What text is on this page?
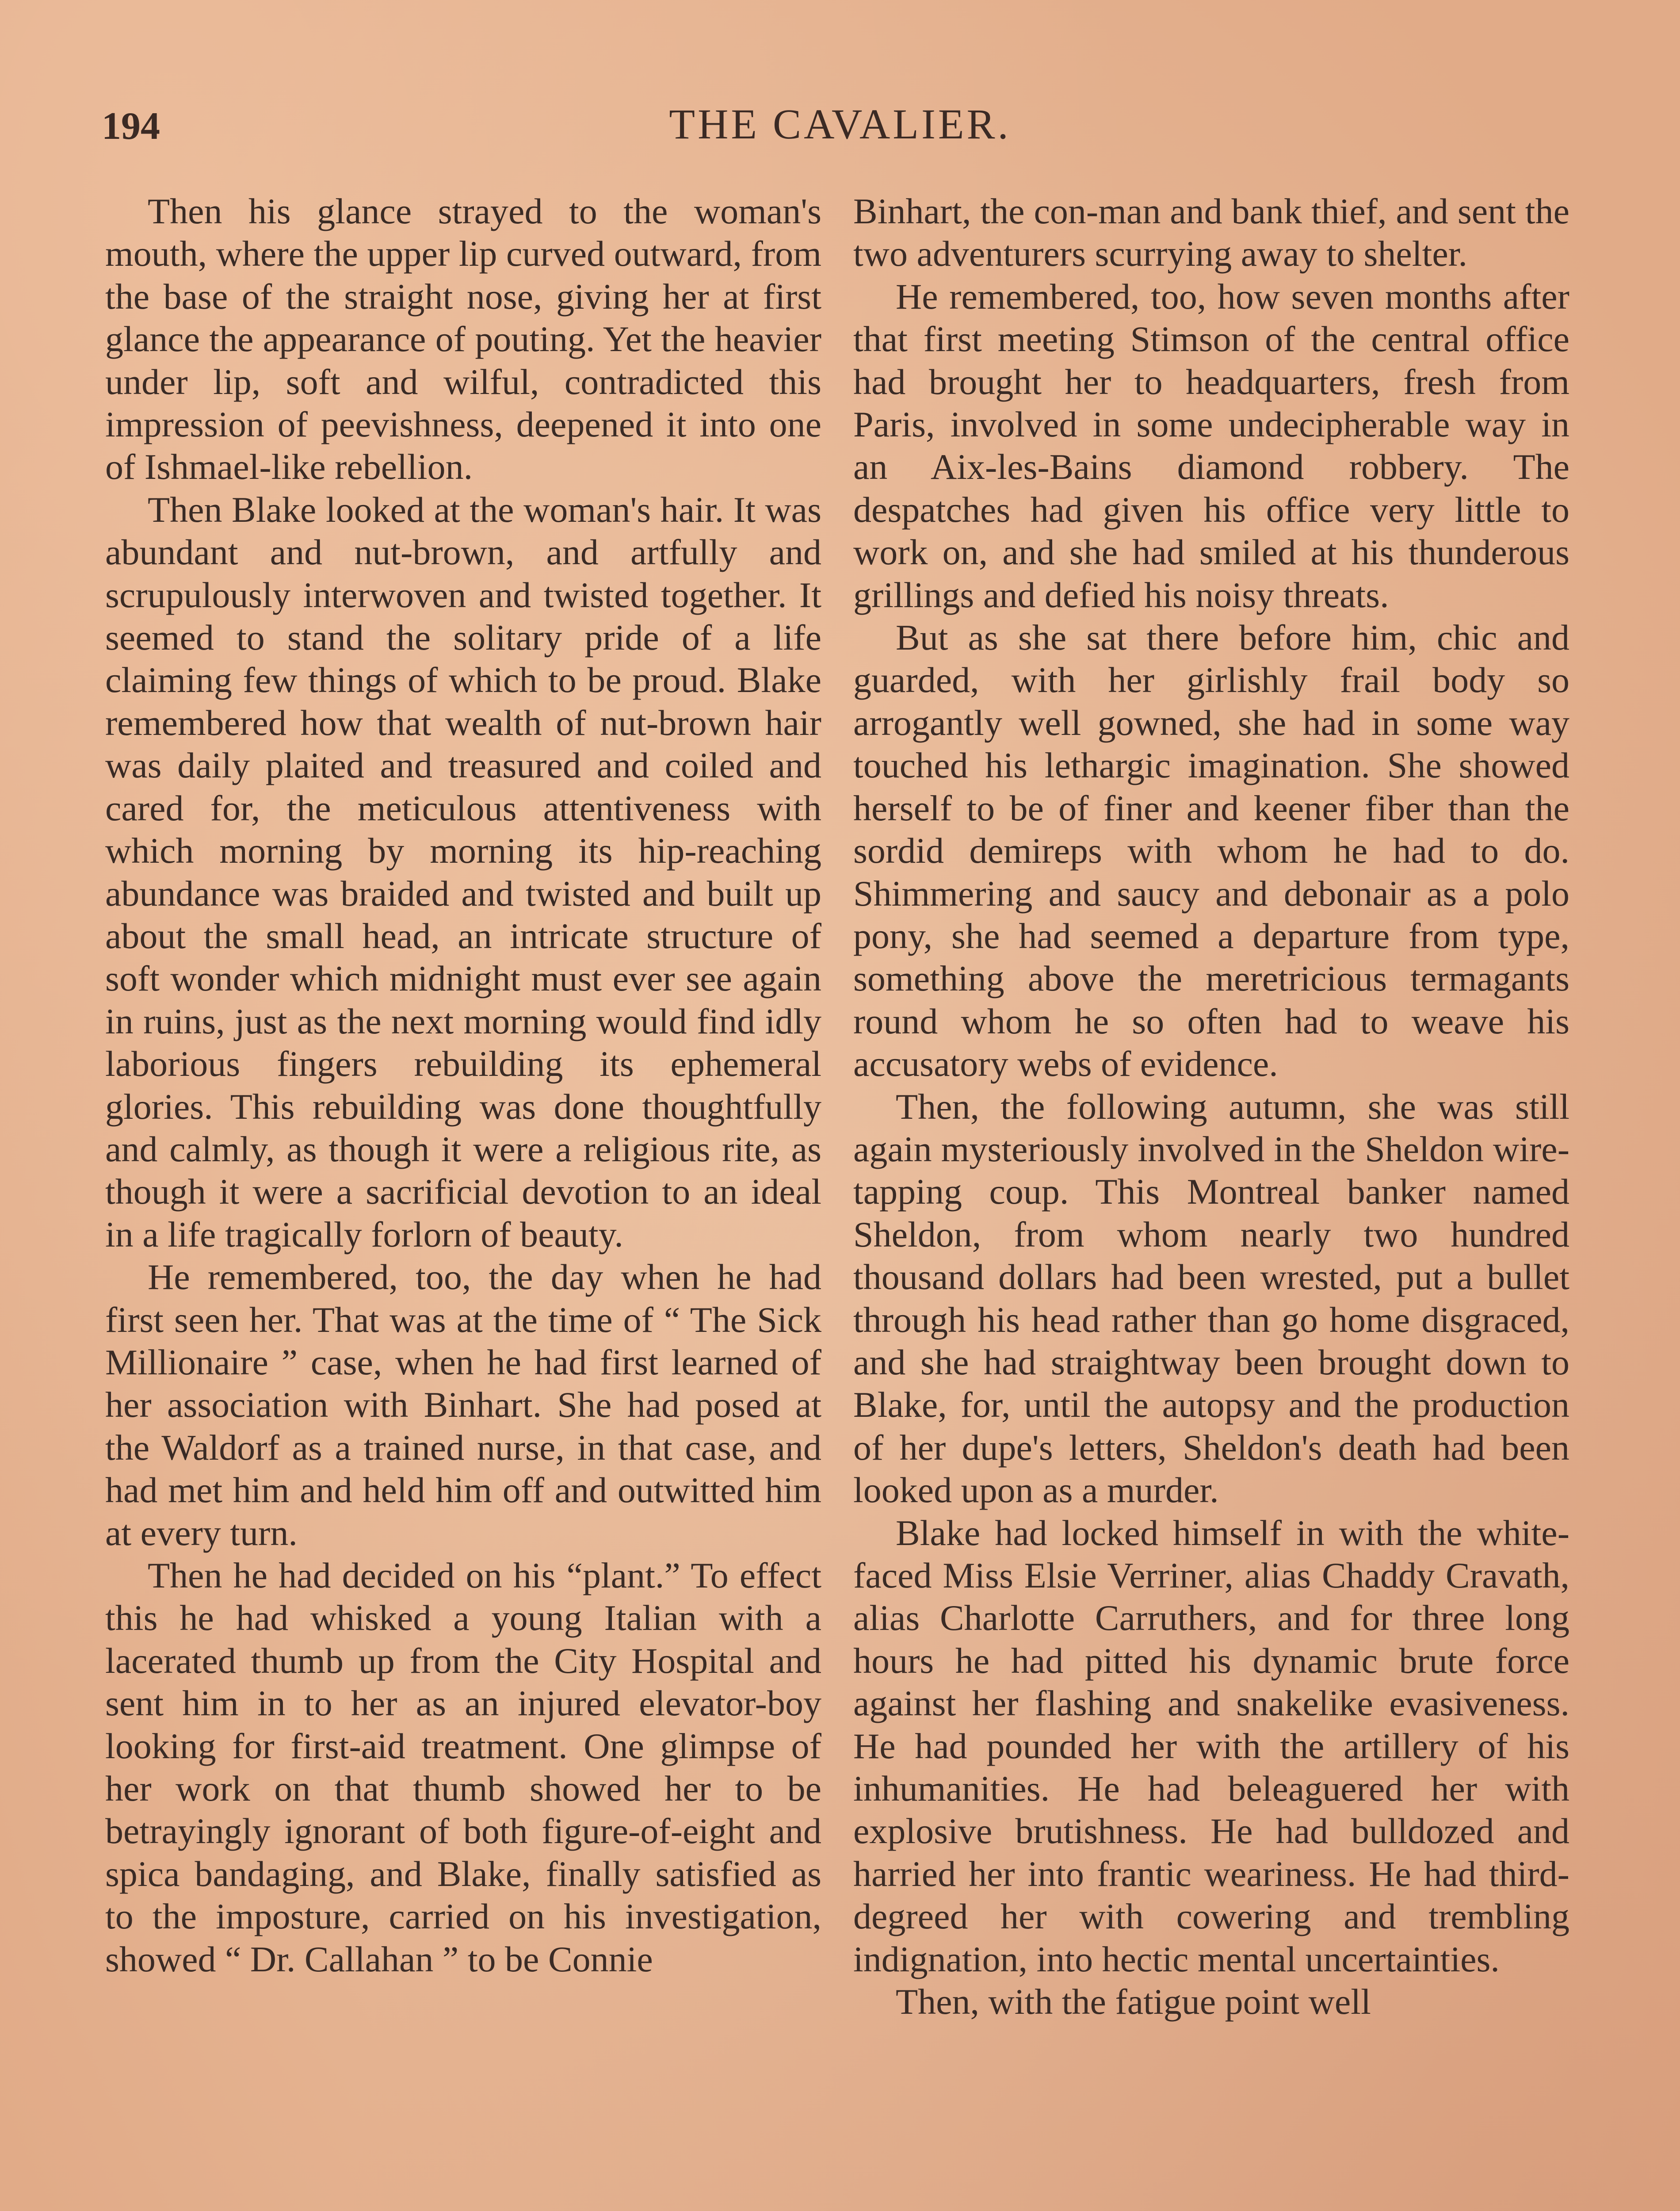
194	THE CAVALIER.

Then his glance strayed to the woman's mouth, where the upper lip curved outward, from the base of the straight nose, giving her at first glance the appearance of pouting. Yet the heavier under lip, soft and wilful, contradicted this impression of peevishness, deepened it into one of Ishmael-like rebellion.

Then Blake looked at the woman's hair. It was abundant and nut-brown, and artfully and scrupulously interwoven and twisted together. It seemed to stand the solitary pride of a life claiming few things of which to be proud. Blake remembered how that wealth of nut-brown hair was daily plaited and treasured and coiled and cared for, the meticulous attentiveness with which morning by morning its hip-reaching abundance was braided and twisted and built up about the small head, an intricate structure of soft wonder which midnight must ever see again in ruins, just as the next morning would find idly laborious fingers rebuilding its ephemeral glories. This rebuilding was done thoughtfully and calmly, as though it were a religious rite, as though it were a sacrificial devotion to an ideal in a life tragically forlorn of beauty.

He remembered, too, the day when he had first seen her. That was at the time of “ The Sick Millionaire ” case, when he had first learned of her association with Binhart. She had posed at the Waldorf as a trained nurse, in that case, and had met him and held him off and outwitted him at every turn.

Then he had decided on his “plant.” To effect this he had whisked a young Italian with a lacerated thumb up from the City Hospital and sent him in to her as an injured elevator-boy looking for first-aid treatment. One glimpse of her work on that thumb showed her to be betrayingly ignorant of both figure-of-eight and spica bandaging, and Blake, finally satisfied as to the imposture, carried on his investigation, showed “ Dr. Callahan ” to be Connie

Binhart, the con-man and bank thief, and sent the two adventurers scurrying away to shelter.

He remembered, too, how seven months after that first meeting Stimson of the central office had brought her to headquarters, fresh from Paris, involved in some undecipherable way in an Aix-les-Bains diamond robbery. The despatches had given his office very little to work on, and she had smiled at his thunderous grillings and defied his noisy threats.

But as she sat there before him, chic and guarded, with her girlishly frail body so arrogantly well gowned, she had in some way touched his lethargic imagination. She showed herself to be of finer and keener fiber than the sordid demireps with whom he had to do. Shimmering and saucy and debonair as a polo pony, she had seemed a departure from type, something above the meretricious termagants round whom he so often had to weave his accusatory webs of evidence.

Then, the following autumn, she was still again mysteriously involved in the Sheldon wire-tapping coup. This Montreal banker named Sheldon, from whom nearly two hundred thousand dollars had been wrested, put a bullet through his head rather than go home disgraced, and she had straightway been brought down to Blake, for, until the autopsy and the production of her dupe's letters, Sheldon's death had been looked upon as a murder.

Blake had locked himself in with the white-faced Miss Elsie Verriner, alias Chaddy Cravath, alias Charlotte Carruthers, and for three long hours he had pitted his dynamic brute force against her flashing and snakelike evasiveness. He had pounded her with the artillery of his inhumanities. He had beleaguered her with explosive brutishness. He had bulldozed and harried her into frantic weariness. He had third-degreed her with cowering and trembling indignation, into hectic mental uncertainties.

Then, with the fatigue point well
